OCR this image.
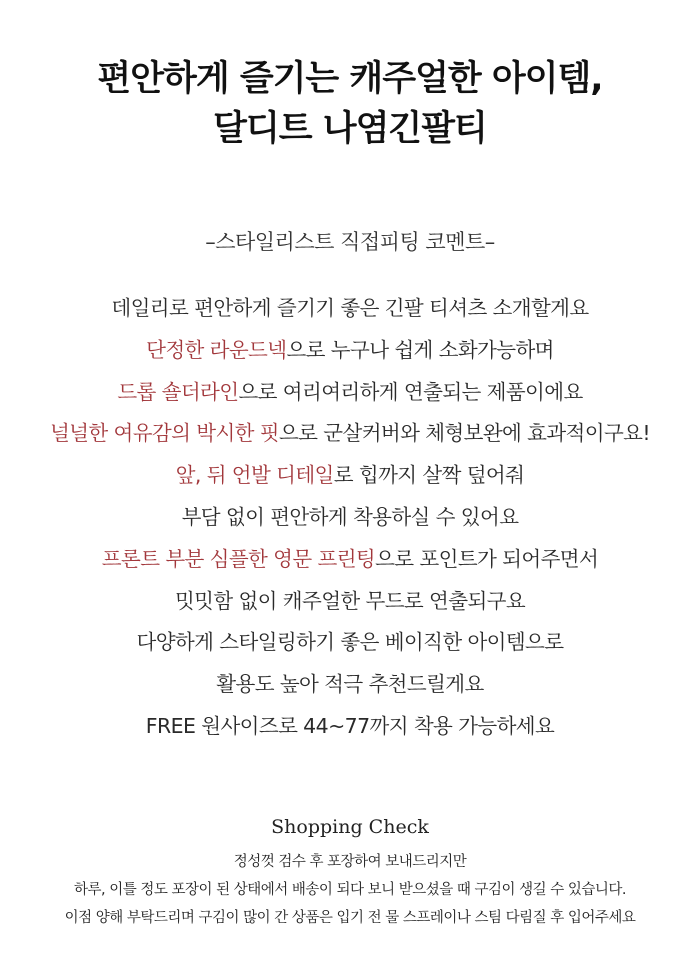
편안하게 즐기는 캐주얼한 아이템,
달디트 나염긴팔티
–스타일리스트 직접피팅 코멘트–
데일리로 편안하게 즐기기 좋은 긴팔 티셔츠 소개할게요
단정한 라운드넥으로 누구나 쉽게 소화가능하며
드롭 숄더라인으로 여리여리하게 연출되는 제품이에요
널널한 여유감의 박시한 핏으로 군살커버와 체형보완에 효과적이구요!
앞, 뒤 언발 디테일로 힙까지 살짝 덮어줘
부담 없이 편안하게 착용하실 수 있어요
프론트 부분 심플한 영문 프린팅으로 포인트가 되어주면서
밋밋함 없이 캐주얼한 무드로 연출되구요
다양하게 스타일링하기 좋은 베이직한 아이템으로
활용도 높아 적극 추천드릴게요
FREE 원사이즈로 44~77까지 착용 가능하세요
Shopping Check
정성껏 검수 후 포장하여 보내드리지만
하루, 이틀 정도 포장이 된 상태에서 배송이 되다 보니 받으셨을 때 구김이 생길 수 있습니다.
이점 양해 부탁드리며 구김이 많이 간 상품은 입기 전 물 스프레이나 스팀 다림질 후 입어주세요
